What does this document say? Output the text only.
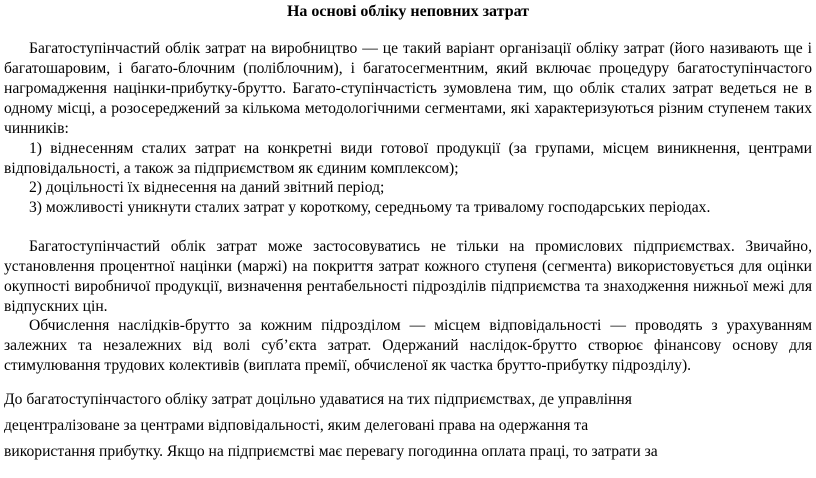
На основі обліку неповних затрат
Багатоступінчастий облік затрат на виробництво — це такий варіант організації обліку затрат (його називають ще і багатошаровим, і багато-блочним (поліблочним), і багатосегментним, який включає процедуру багатоступінчастого нагромадження націнки-прибутку-брутто. Багато-ступінчастість зумовлена тим, що облік сталих затрат ведеться не в одному місці, а розосереджений за кількома методологічними сегментами, які характеризуються різним ступенем таких чинників:
1) віднесенням сталих затрат на конкретні види готової продукції (за групами, місцем виникнення, центрами відповідальності, а також за підприємством як єдиним комплексом);
2) доцільності їх віднесення на даний звітний період;
3) можливості уникнути сталих затрат у короткому, середньому та тривалому господарських періодах.
Багатоступінчастий облік затрат може застосовуватись не тільки на промислових підприємствах. Звичайно, установлення процентної націнки (маржі) на покриття затрат кожного ступеня (сегмента) використовується для оцінки окупності виробничої продукції, визначення рентабельності підрозділів підприємства та знаходження нижньої межі для відпускних цін.
Обчислення наслідків-брутто за кожним підрозділом — місцем відповідальності — проводять з урахуванням залежних та незалежних від волі суб’єкта затрат. Одержаний наслідок-брутто створює фінансову основу для стимулювання трудових колективів (виплата премії, обчисленої як частка брутто-прибутку підрозділу).
До багатоступінчастого обліку затрат доцільно удаватися на тих підприємствах, де управління
децентралізоване за центрами відповідальності, яким делеговані права на одержання та
використання прибутку. Якщо на підприємстві має перевагу погодинна оплата праці, то затрати за
